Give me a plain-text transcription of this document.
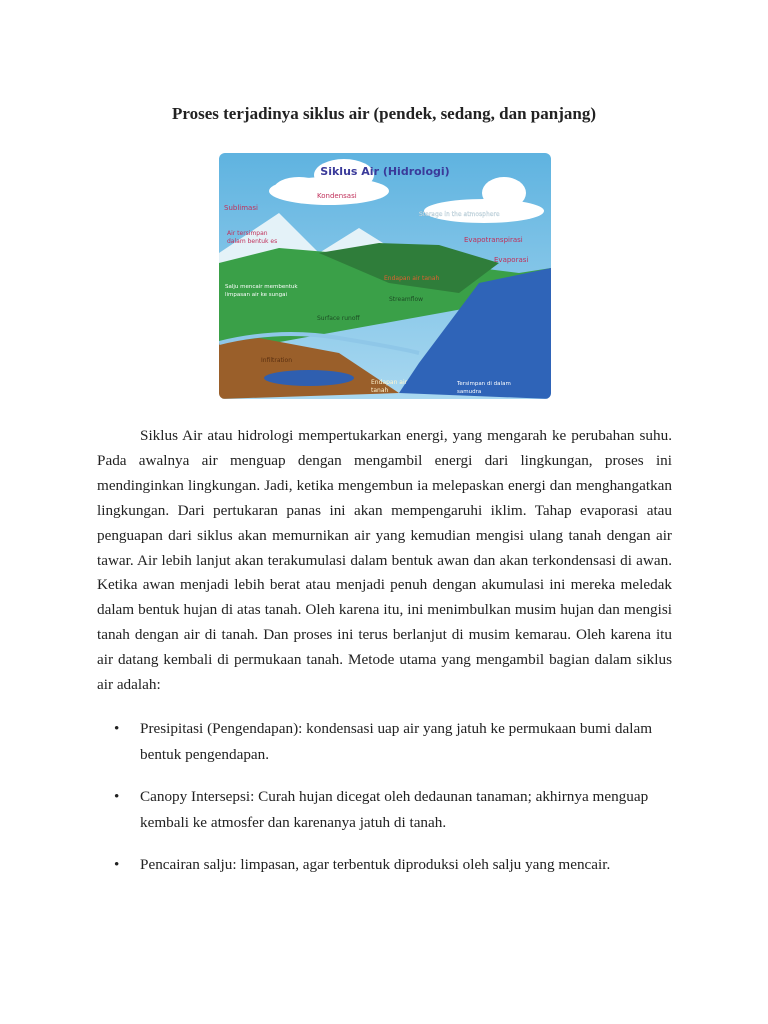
Proses terjadinya siklus air (pendek, sedang, dan panjang)
Siklus Air (Hidrologi)
Kondensasi
Sublimasi
Air tersimpan
dalam bentuk es	Evapotranspirasi
Evaporasi
Endapan air tanah
Storage in the atmosphere
Salju mencair membentuk
limpasan air ke sungai
Tersimpan di dalam
samudra
Streamflow
Surface runoff
Infiltration
Endapan air
tanah

Siklus Air atau hidrologi mempertukarkan energi, yang mengarah ke perubahan suhu. Pada awalnya air menguap dengan mengambil energi dari lingkungan, proses ini mendinginkan lingkungan. Jadi, ketika mengembun ia melepaskan energi dan menghangatkan lingkungan. Dari pertukaran panas ini akan mempengaruhi iklim. Tahap evaporasi atau penguapan dari siklus akan memurnikan air yang kemudian mengisi ulang tanah dengan air tawar. Air lebih lanjut akan terakumulasi dalam bentuk awan dan akan terkondensasi di awan. Ketika awan menjadi lebih berat atau menjadi penuh dengan akumulasi ini mereka meledak dalam bentuk hujan di atas tanah. Oleh karena itu, ini menimbulkan musim hujan dan mengisi tanah dengan air di tanah. Dan proses ini terus berlanjut di musim kemarau. Oleh karena itu air datang kembali di permukaan tanah. Metode utama yang mengambil bagian dalam siklus air adalah:

• Presipitasi (Pengendapan): kondensasi uap air yang jatuh ke permukaan bumi dalam bentuk pengendapan.
• Canopy Intersepsi: Curah hujan dicegat oleh dedaunan tanaman; akhirnya menguap kembali ke atmosfer dan karenanya jatuh di tanah.
• Pencairan salju: limpasan, agar terbentuk diproduksi oleh salju yang mencair.
